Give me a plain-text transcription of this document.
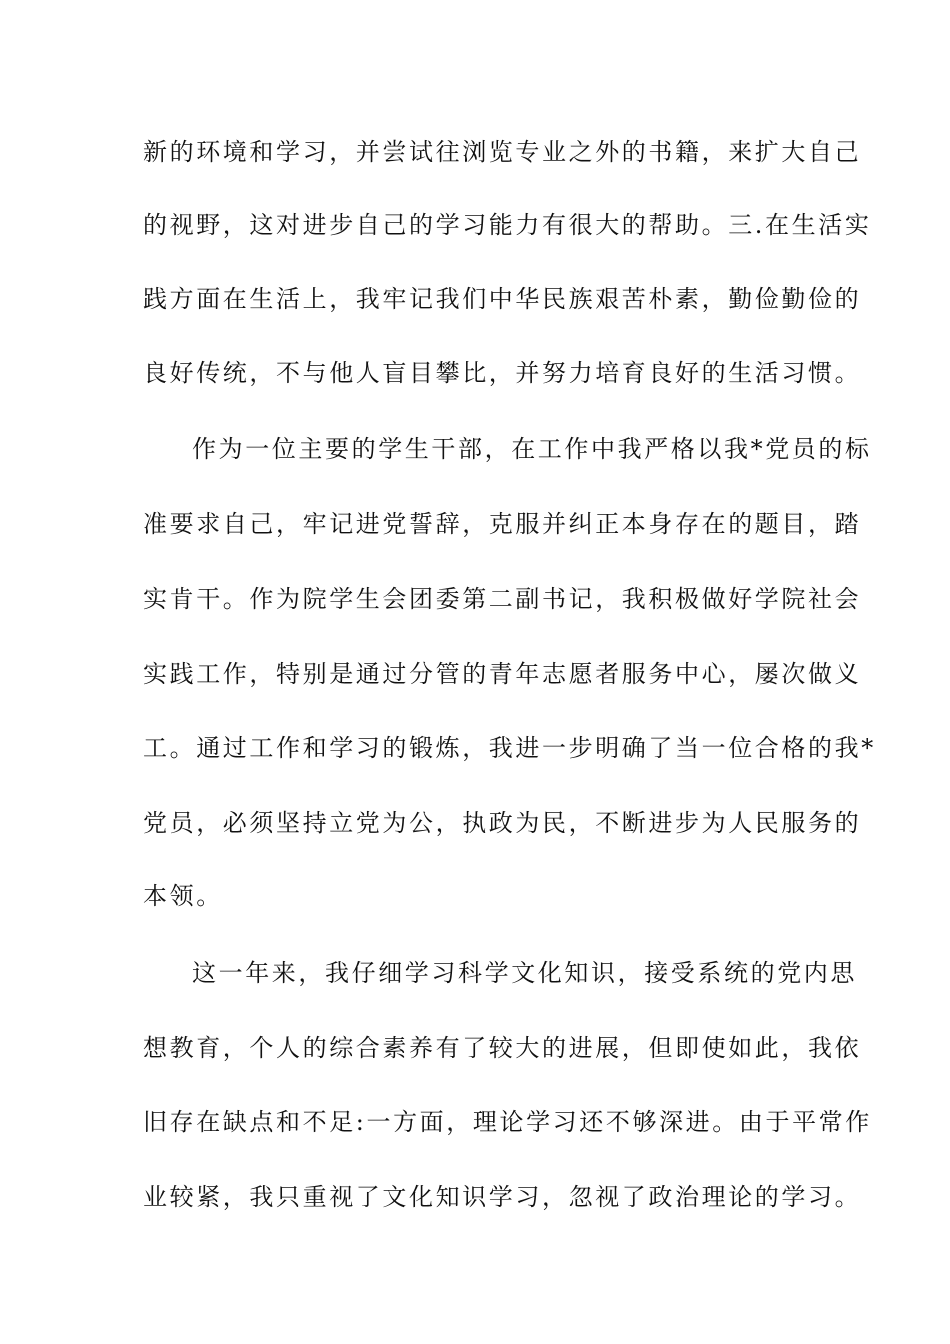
新的环境和学习，并尝试往浏览专业之外的书籍，来扩大自己
的视野，这对进步自己的学习能力有很大的帮助。三.在生活实
践方面在生活上，我牢记我们中华民族艰苦朴素，勤俭勤俭的
良好传统，不与他人盲目攀比，并努力培育良好的生活习惯。
作为一位主要的学生干部，在工作中我严格以我*党员的标
准要求自己，牢记进党誓辞，克服并纠正本身存在的题目，踏
实肯干。作为院学生会团委第二副书记，我积极做好学院社会
实践工作，特别是通过分管的青年志愿者服务中心，屡次做义
工。通过工作和学习的锻炼，我进一步明确了当一位合格的我*
党员，必须坚持立党为公，执政为民，不断进步为人民服务的
本领。
这一年来，我仔细学习科学文化知识，接受系统的党内思
想教育，个人的综合素养有了较大的进展，但即使如此，我依
旧存在缺点和不足:一方面，理论学习还不够深进。由于平常作
业较紧，我只重视了文化知识学习，忽视了政治理论的学习。
